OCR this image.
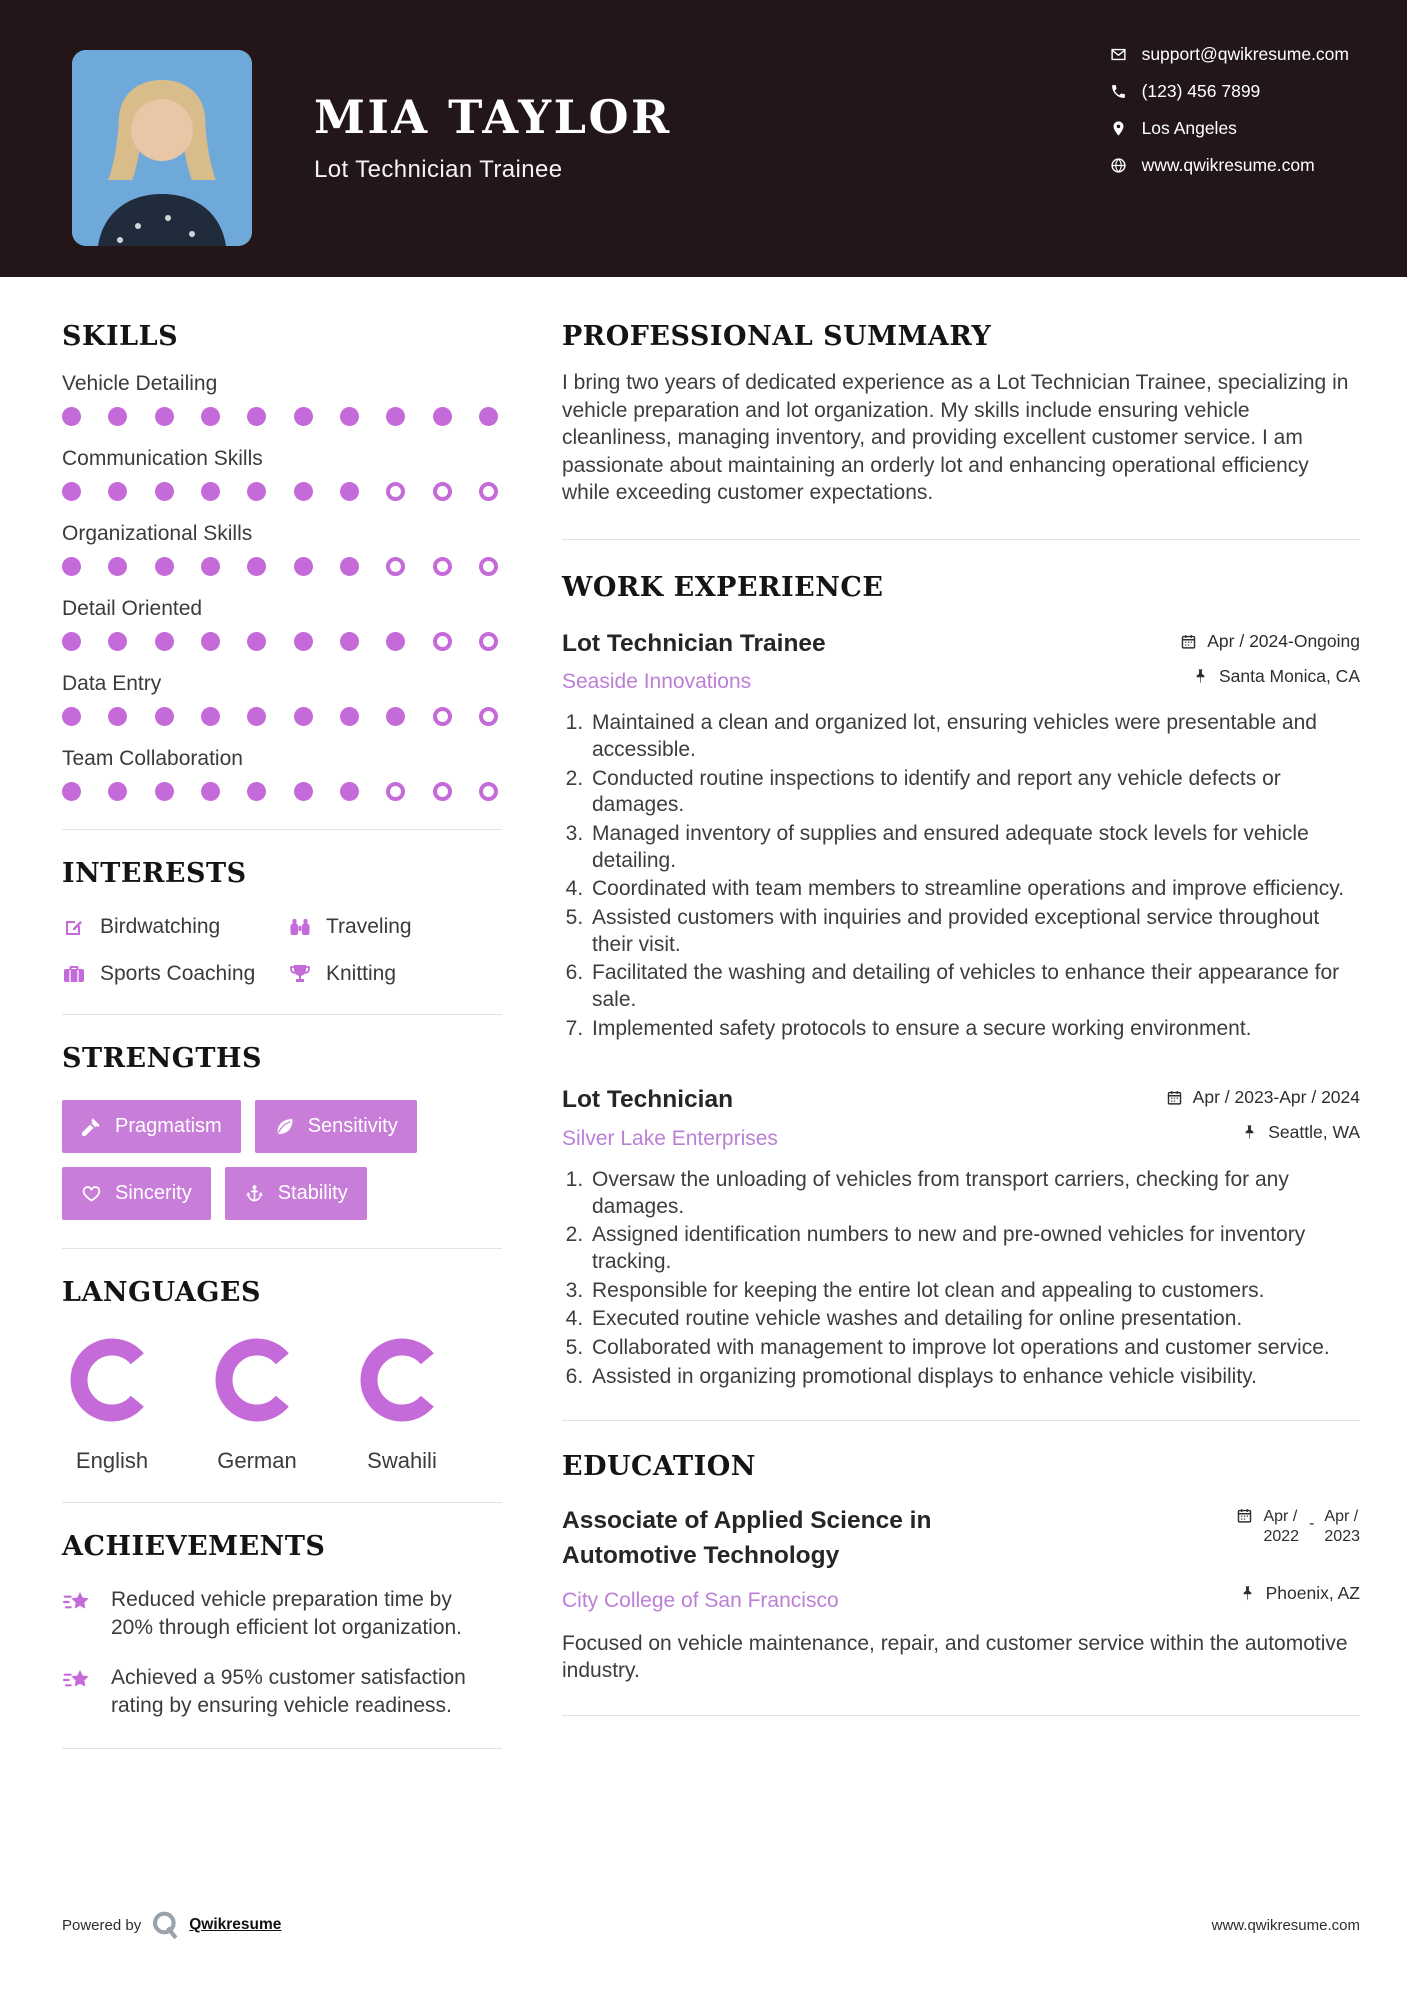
MIA TAYLOR
Lot Technician Trainee
support@qwikresume.com
(123) 456 7899
Los Angeles
www.qwikresume.com
SKILLS
Vehicle Detailing
Communication Skills
Organizational Skills
Detail Oriented
Data Entry
Team Collaboration
INTERESTS
Birdwatching	Traveling
Sports Coaching	Knitting
STRENGTHS
Pragmatism	Sensitivity
Sincerity	Stability
LANGUAGES
English	German	Swahili
ACHIEVEMENTS
Reduced vehicle preparation time by 20% through efficient lot organization.
Achieved a 95% customer satisfaction rating by ensuring vehicle readiness.
PROFESSIONAL SUMMARY

I bring two years of dedicated experience as a Lot Technician Trainee, specializing in vehicle preparation and lot organization. My skills include ensuring vehicle cleanliness, managing inventory, and providing excellent customer service. I am passionate about maintaining an orderly lot and enhancing operational efficiency while exceeding customer expectations.

WORK EXPERIENCE
Lot Technician Trainee
Seaside Innovations
Apr / 2024-Ongoing
Santa Monica, CA
1. Maintained a clean and organized lot, ensuring vehicles were presentable and accessible.
2. Conducted routine inspections to identify and report any vehicle defects or damages.
3. Managed inventory of supplies and ensured adequate stock levels for vehicle detailing.
4. Coordinated with team members to streamline operations and improve efficiency.
5. Assisted customers with inquiries and provided exceptional service throughout their visit.
6. Facilitated the washing and detailing of vehicles to enhance their appearance for sale.
7. Implemented safety protocols to ensure a secure working environment.
Lot Technician
Silver Lake Enterprises
Apr / 2023-Apr / 2024
Seattle, WA
1. Oversaw the unloading of vehicles from transport carriers, checking for any damages.
2. Assigned identification numbers to new and pre-owned vehicles for inventory tracking.
3. Responsible for keeping the entire lot clean and appealing to customers.
4. Executed routine vehicle washes and detailing for online presentation.
5. Collaborated with management to improve lot operations and customer service.
6. Assisted in organizing promotional displays to enhance vehicle visibility.
EDUCATION
Associate of Applied Science in Automotive Technology
City College of San Francisco
Apr /
2022
- Apr /
2023
Phoenix, AZ

Focused on vehicle maintenance, repair, and customer service within the automotive industry.

Powered by	Qwikresume	www.qwikresume.com
